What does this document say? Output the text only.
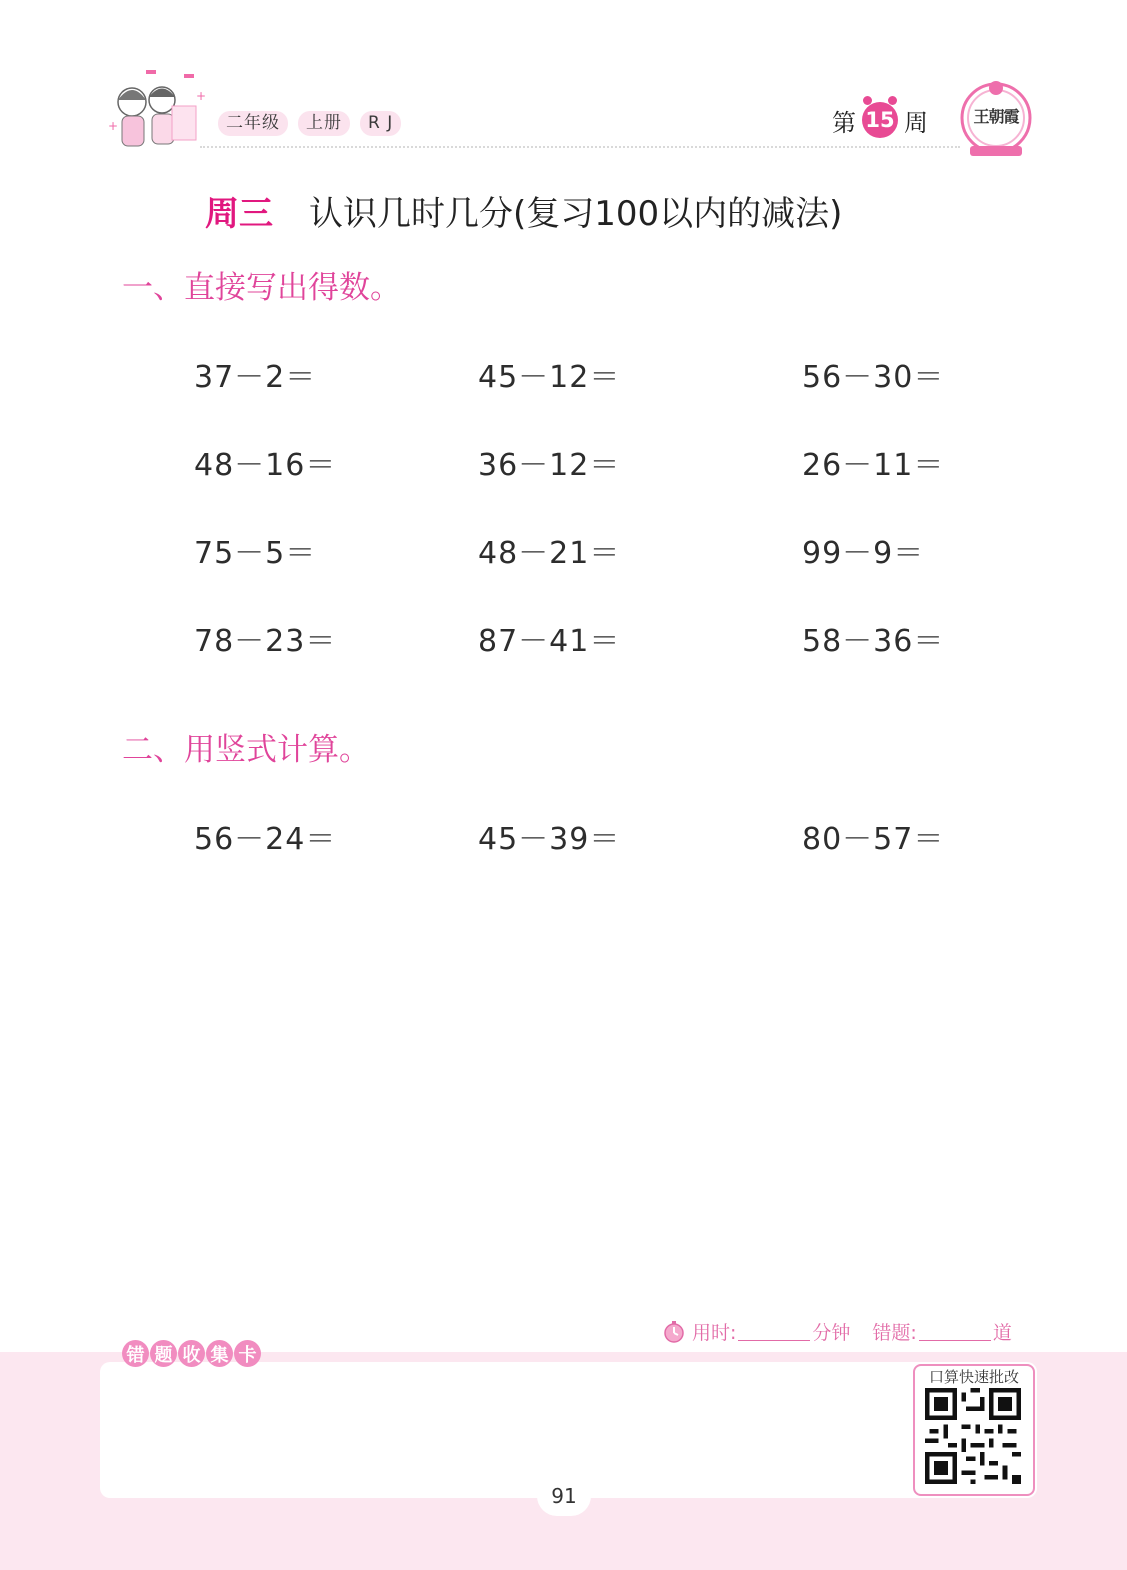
+
+
二年级	上册	R J	第 15 周	王朝霞
周三 认识几时几分(复习100以内的减法)
一、直接写出得数。
37－2＝	45－12＝	56－30＝
48－16＝	36－12＝	26－11＝
75－5＝	48－21＝	99－9＝
78－23＝	87－41＝	58－36＝
二、用竖式计算。
56－24＝	45－39＝	80－57＝
用时:	分钟 错题:	道
错 题 收 集 卡
口算快速批改
91
